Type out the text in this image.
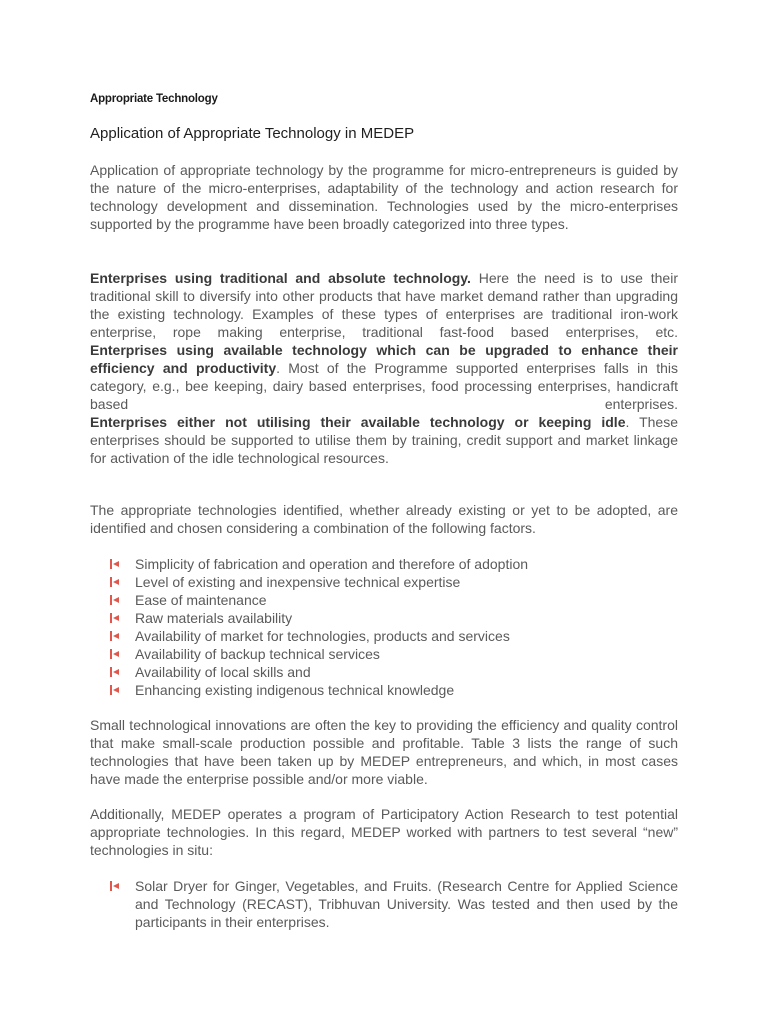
Appropriate Technology
Application of Appropriate Technology in MEDEP

Application of appropriate technology by the programme for micro-entrepreneurs is guided by the nature of the micro-enterprises, adaptability of the technology and action research for technology development and dissemination. Technologies used by the micro-enterprises supported by the programme have been broadly categorized into three types.

Enterprises using traditional and absolute technology. Here the need is to use their traditional skill to diversify into other products that have market demand rather than upgrading the existing technology. Examples of these types of enterprises are traditional iron-work enterprise, rope making enterprise, traditional fast-food based enterprises, etc.
Enterprises using available technology which can be upgraded to enhance their efficiency and productivity. Most of the Programme supported enterprises falls in this category, e.g., bee keeping, dairy based enterprises, food processing enterprises, handicraft based enterprises.
Enterprises either not utilising their available technology or keeping idle. These enterprises should be supported to utilise them by training, credit support and market linkage for activation of the idle technological resources.

The appropriate technologies identified, whether already existing or yet to be adopted, are identified and chosen considering a combination of the following factors.

Simplicity of fabrication and operation and therefore of adoption
Level of existing and inexpensive technical expertise
Ease of maintenance
Raw materials availability
Availability of market for technologies, products and services
Availability of backup technical services
Availability of local skills and
Enhancing existing indigenous technical knowledge

Small technological innovations are often the key to providing the efficiency and quality control that make small-scale production possible and profitable. Table 3 lists the range of such technologies that have been taken up by MEDEP entrepreneurs, and which, in most cases have made the enterprise possible and/or more viable.

Additionally, MEDEP operates a program of Participatory Action Research to test potential appropriate technologies. In this regard, MEDEP worked with partners to test several “new” technologies in situ:

Solar Dryer for Ginger, Vegetables, and Fruits. (Research Centre for Applied Science and Technology (RECAST), Tribhuvan University. Was tested and then used by the participants in their enterprises.
